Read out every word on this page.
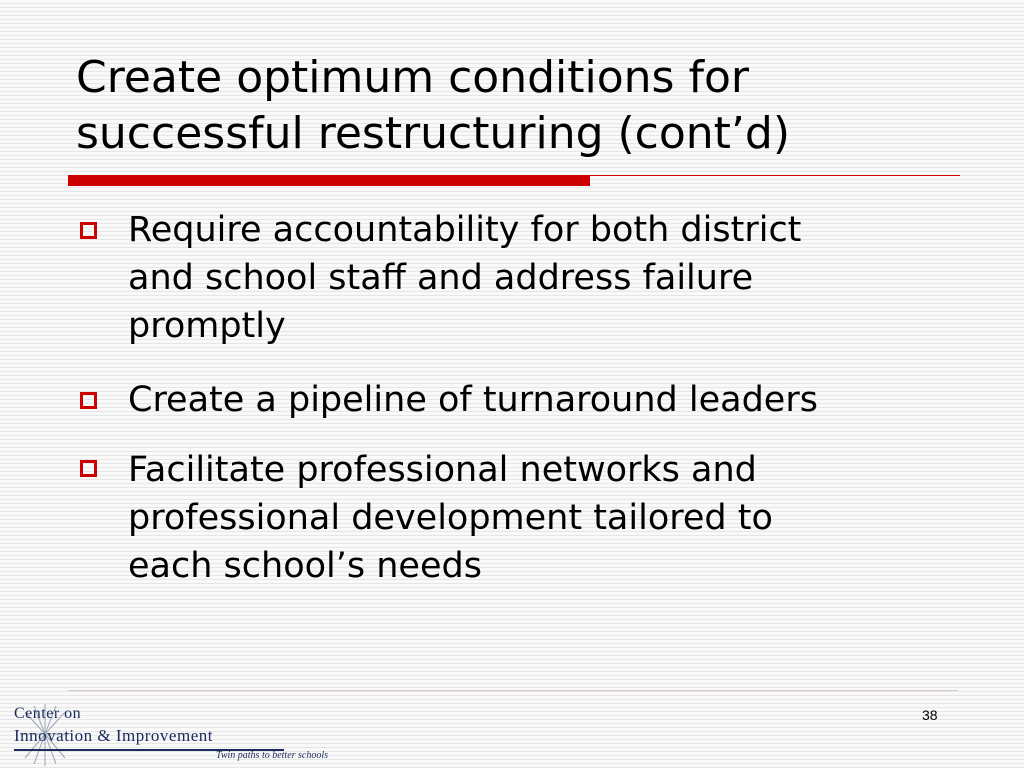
Create optimum conditions for
successful restructuring (cont’d)
Require accountability for both district
and school staff and address failure
promptly
Create a pipeline of turnaround leaders
Facilitate professional networks and
professional development tailored to
each school’s needs
38
Center on
Innovation & Improvement
Twin paths to better schools
